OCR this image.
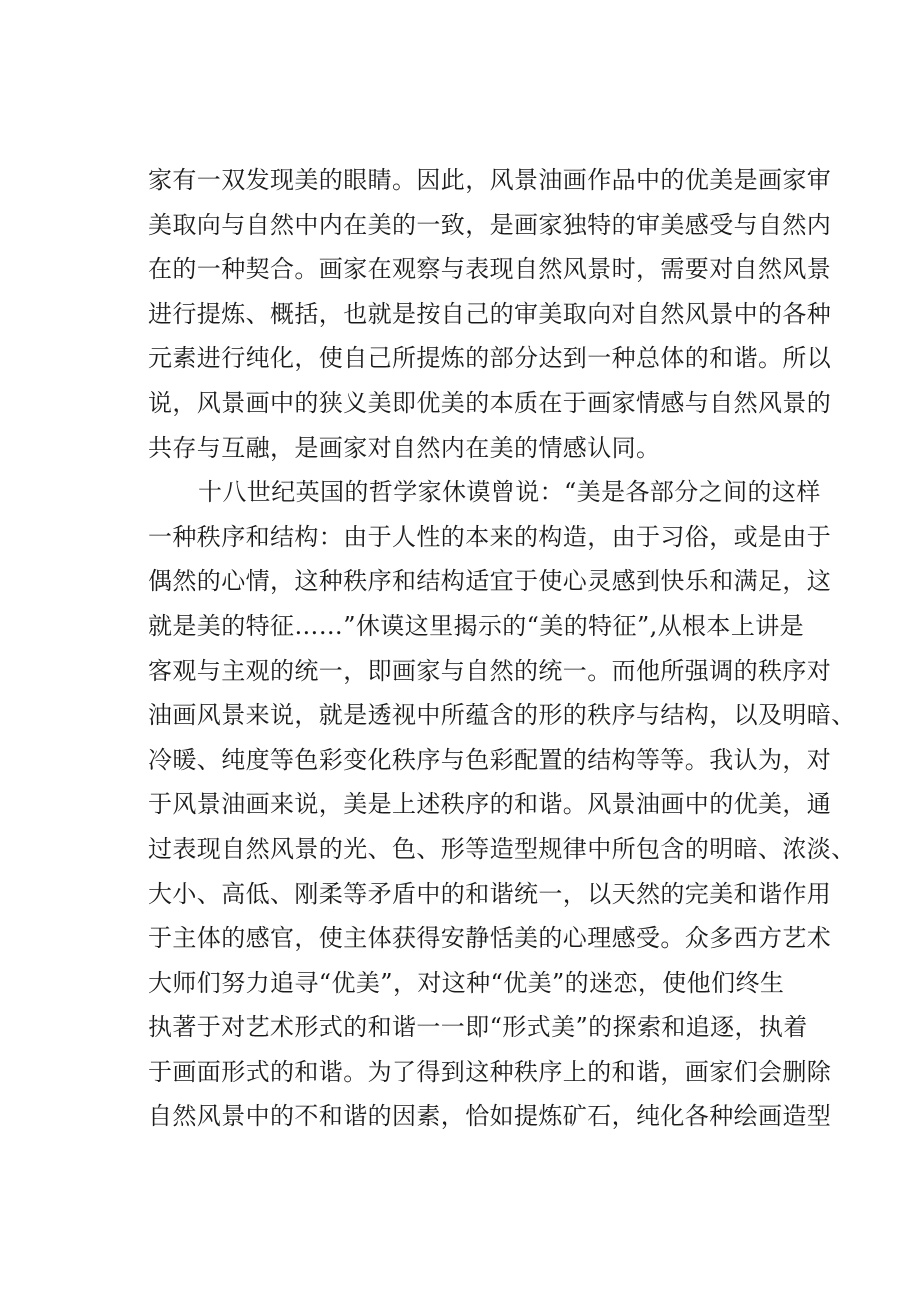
家有一双发现美的眼睛。因此，风景油画作品中的优美是画家审
美取向与自然中内在美的一致，是画家独特的审美感受与自然内
在的一种契合。画家在观察与表现自然风景时，需要对自然风景
进行提炼、概括，也就是按自己的审美取向对自然风景中的各种
元素进行纯化，使自己所提炼的部分达到一种总体的和谐。所以
说，风景画中的狭义美即优美的本质在于画家情感与自然风景的
共存与互融，是画家对自然内在美的情感认同。
十八世纪英国的哲学家休谟曾说：“美是各部分之间的这样
一种秩序和结构：由于人性的本来的构造，由于习俗，或是由于
偶然的心情，这种秩序和结构适宜于使心灵感到快乐和满足，这
就是美的特征……”休谟这里揭示的“美的特征”,从根本上讲是
客观与主观的统一，即画家与自然的统一。而他所强调的秩序对
油画风景来说，就是透视中所蕴含的形的秩序与结构，以及明暗、
冷暖、纯度等色彩变化秩序与色彩配置的结构等等。我认为，对
于风景油画来说，美是上述秩序的和谐。风景油画中的优美，通
过表现自然风景的光、色、形等造型规律中所包含的明暗、浓淡、
大小、高低、刚柔等矛盾中的和谐统一，以天然的完美和谐作用
于主体的感官，使主体获得安静恬美的心理感受。众多西方艺术
大师们努力追寻“优美”，对这种“优美”的迷恋，使他们终生
执著于对艺术形式的和谐一一即“形式美”的探索和追逐，执着
于画面形式的和谐。为了得到这种秩序上的和谐，画家们会删除
自然风景中的不和谐的因素，恰如提炼矿石，纯化各种绘画造型
